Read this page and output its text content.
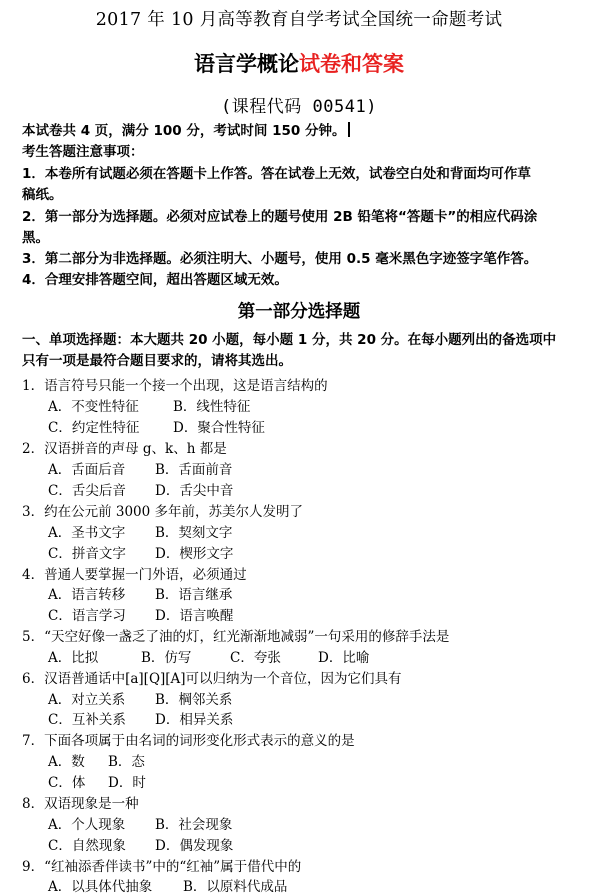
2017 年 10 月高等教育自学考试全国统一命题考试
语言学概论试卷和答案
(课程代码 00541)
本试卷共 4 页，满分 100 分，考试时间 150 分钟。
考生答题注意事项：
1．本卷所有试题必须在答题卡上作答。答在试卷上无效，试卷空白处和背面均可作草
稿纸。
2．第一部分为选择题。必须对应试卷上的题号使用 2B 铅笔将“答题卡”的相应代码涂
黑。
3．第二部分为非选择题。必须注明大、小题号，使用 0.5 毫米黑色字迹签字笔作答。
4．合理安排答题空间，超出答题区域无效。
第一部分选择题
一、单项选择题：本大题共 20 小题，每小题 1 分，共 20 分。在每小题列出的备选项中
只有一项是最符合题目要求的，请将其选出。
1．语言符号只能一个接一个出现，这是语言结构的
A．不变性特征	B．线性特征
C．约定性特征 D．聚合性特征
2．汉语拼音的声母 g、k、h 都是
A．舌面后音 B．舌面前音
C．舌尖后音 D．舌尖中音
3．约在公元前 3000 多年前，苏美尔人发明了
A．圣书文字 B．契刻文字
C．拼音文字 D．楔形文字
4．普通人要掌握一门外语，必须通过
A．语言转移 B．语言继承
C．语言学习 D．语言唤醒
5．“天空好像一盏乏了油的灯，红光渐渐地减弱”一句采用的修辞手法是
A．比拟	B．仿写	C．夸张	D．比喻
6．汉语普通话中[a][Q][A]可以归纳为一个音位，因为它们具有
A．对立关系 B．棡邻关系
C．互补关系 D．相异关系
7．下面各项属于由名词的词形变化形式表示的意义的是
A．数 B．态
C．体 D．时
8．双语现象是一种
A．个人现象 B．社会现象
C．自然现象 D．偶发现象
9．“红袖添香伴读书”中的“红袖”属于借代中的
A．以具体代抽象 B．以原料代成品
